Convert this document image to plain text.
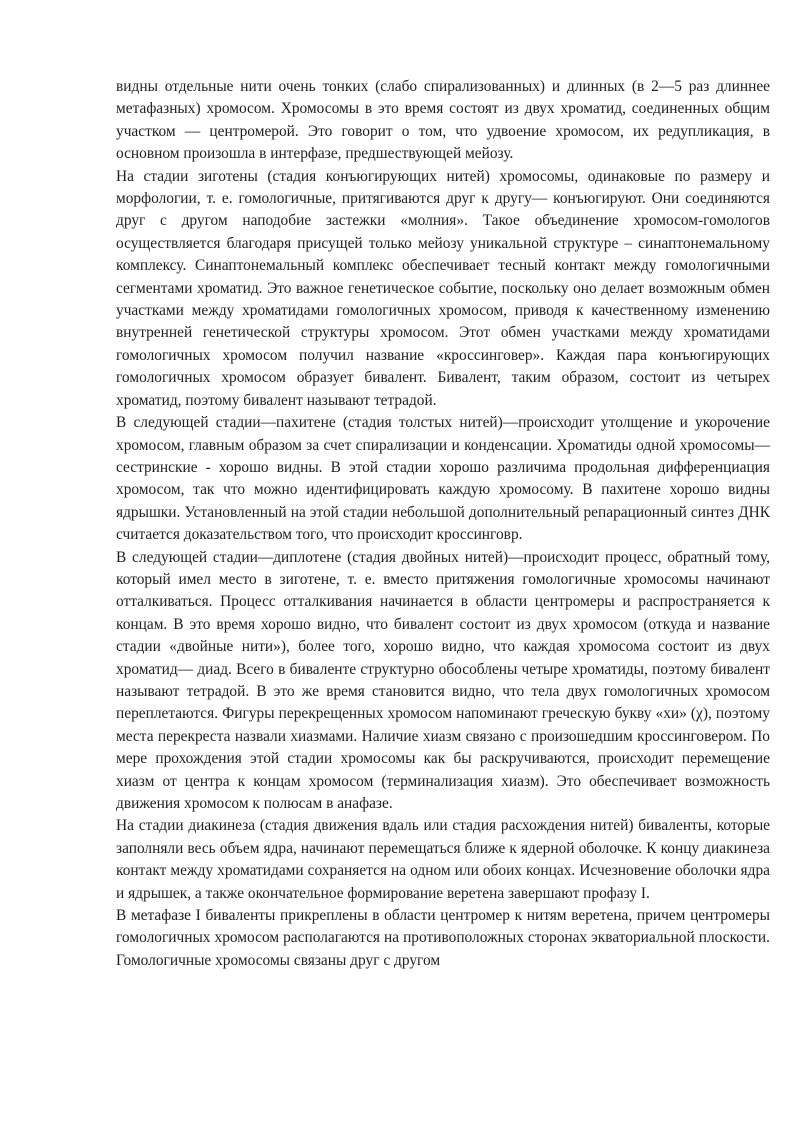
видны отдельные нити очень тонких (слабо спирализованных) и длинных (в 2—5 раз длиннее метафазных) хромосом. Хромосомы в это время состоят из двух хроматид, соединенных общим участком — центромерой. Это говорит о том, что удвоение хромосом, их редупликация, в основном произошла в интерфазе, предшествующей мейозу.

На стадии зиготены (стадия конъюгирующих нитей) хромосомы, одинаковые по размеру и морфологии, т. е. гомологичные, притягиваются друг к другу— конъюгируют. Они соединяются друг с другом наподобие застежки «молния». Такое объединение хромосом-гомологов осуществляется благодаря присущей только мейозу уникальной структуре – синаптонемальному комплексу. Синаптонемальный комплекс обеспечивает тесный контакт между гомологичными сегментами хроматид. Это важное генетическое событие, поскольку оно делает возможным обмен участками между хроматидами гомологичных хромосом, приводя к качественному изменению внутренней генетической структуры хромосом. Этот обмен участками между хроматидами гомологичных хромосом получил название «кроссинговер». Каждая пара конъюгирующих гомологичных хромосом образует бивалент. Бивалент, таким образом, состоит из четырех хроматид, поэтому бивалент называют тетрадой.

В следующей стадии—пахитене (стадия толстых нитей)—происходит утолщение и укорочение хромосом, главным образом за счет спирализации и конденсации. Хроматиды одной хромосомы—сестринские - хорошо видны. В этой стадии хорошо различима продольная дифференциация хромосом, так что можно идентифицировать каждую хромосому. В пахитене хорошо видны ядрышки. Установленный на этой стадии небольшой дополнительный репарационный синтез ДНК считается доказательством того, что происходит кроссинговр.

В следующей стадии—диплотене (стадия двойных нитей)—происходит процесс, обратный тому, который имел место в зиготене, т. е. вместо притяжения гомологичные хромосомы начинают отталкиваться. Процесс отталкивания начинается в области центромеры и распространяется к концам. В это время хорошо видно, что бивалент состоит из двух хромосом (откуда и название стадии «двойные нити»), более того, хорошо видно, что каждая хромосома состоит из двух хроматид— диад. Всего в биваленте структурно обособлены четыре хроматиды, поэтому бивалент называют тетрадой. В это же время становится видно, что тела двух гомологичных хромосом переплетаются. Фигуры перекрещенных хромосом напоминают греческую букву «хи» (χ), поэтому места перекреста назвали хиазмами. Наличие хиазм связано с произошедшим кроссинговером. По мере прохождения этой стадии хромосомы как бы раскручиваются, происходит перемещение хиазм от центра к концам хромосом (терминализация хиазм). Это обеспечивает возможность движения хромосом к полюсам в анафазе.

На стадии диакинеза (стадия движения вдаль или стадия расхождения нитей) биваленты, которые заполняли весь объем ядра, начинают перемещаться ближе к ядерной оболочке. К концу диакинеза контакт между хроматидами сохраняется на одном или обоих концах. Исчезновение оболочки ядра и ядрышек, а также окончательное формирование веретена завершают профазу I.

В метафазе I биваленты прикреплены в области центромер к нитям веретена, причем центромеры гомологичных хромосом располагаются на противоположных сторонах экваториальной плоскости. Гомологичные хромосомы связаны друг с другом
